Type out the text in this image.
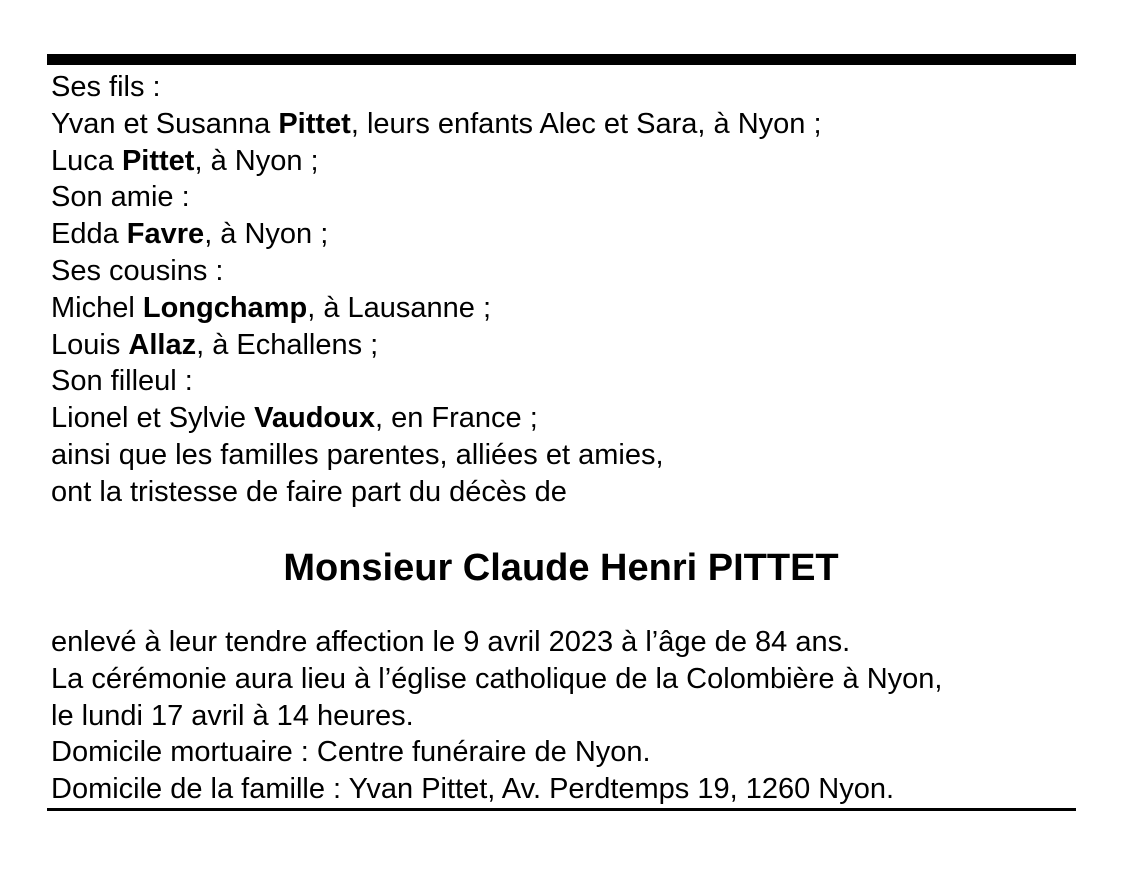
Ses fils :
Yvan et Susanna Pittet, leurs enfants Alec et Sara, à Nyon ;
Luca Pittet, à Nyon ;
Son amie :
Edda Favre, à Nyon ;
Ses cousins :
Michel Longchamp, à Lausanne ;
Louis Allaz, à Echallens ;
Son filleul :
Lionel et Sylvie Vaudoux, en France ;
ainsi que les familles parentes, alliées et amies,
ont la tristesse de faire part du décès de
Monsieur Claude Henri PITTET
enlevé à leur tendre affection le 9 avril 2023 à l’âge de 84 ans.
La cérémonie aura lieu à l’église catholique de la Colombière à Nyon,
le lundi 17 avril à 14 heures.
Domicile mortuaire : Centre funéraire de Nyon.
Domicile de la famille : Yvan Pittet, Av. Perdtemps 19, 1260 Nyon.
